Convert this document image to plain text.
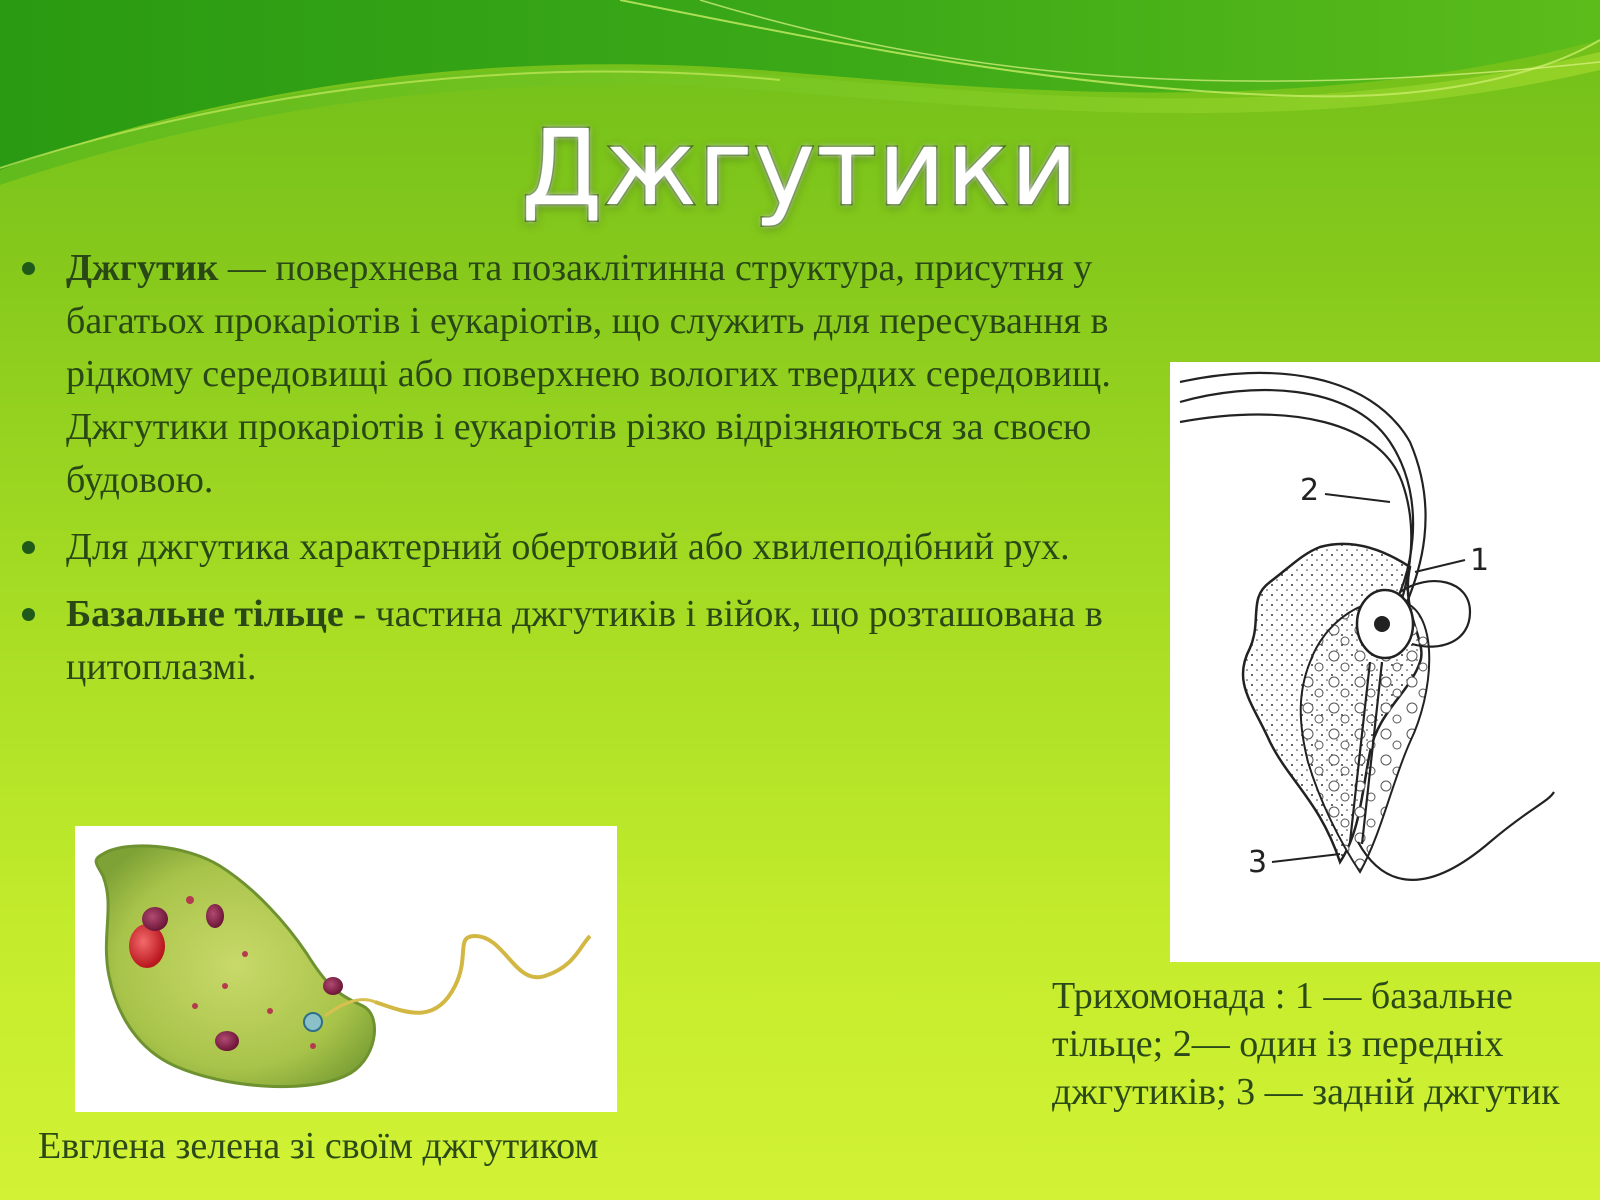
Джгутики
Джгутик — поверхнева та позаклітинна структура, присутня у багатьох прокаріотів і еукаріотів, що служить для пересування в рідкому середовищі або поверхнею вологих твердих середовищ. Джгутики прокаріотів і еукаріотів різко відрізняються за своєю будовою.
Для джгутика характерний обертовий або хвилеподібний рух.
Базальне тільце - частина джгутиків і війок, що розташована в цитоплазмі.
Евглена зелена зі своїм джгутиком
1
2
3
Трихомонада : 1 — базальне тільце; 2— один із передніх джгутиків; 3 — задній джгутик
